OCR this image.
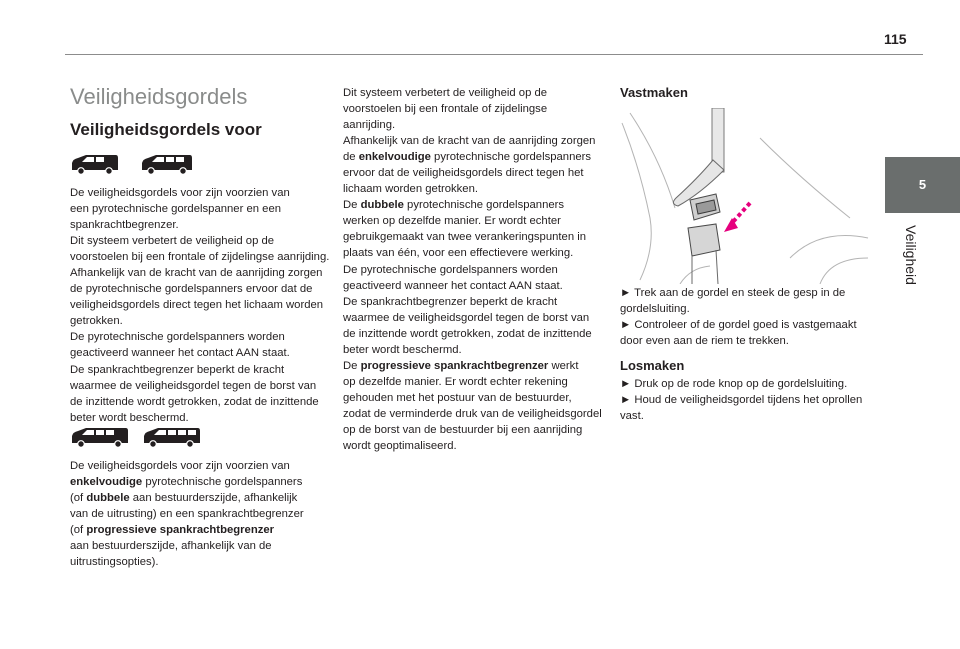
115
5
Veiligheid
Veiligheidsgordels
Veiligheidsgordels voor

De veiligheidsgordels voor zijn voorzien van

een pyrotechnische gordelspanner en een

spankrachtbegrenzer.

Dit systeem verbetert de veiligheid op de

voorstoelen bij een frontale of zijdelingse aanrijding.

Afhankelijk van de kracht van de aanrijding zorgen

de pyrotechnische gordelspanners ervoor dat de

veiligheidsgordels direct tegen het lichaam worden

getrokken.

De pyrotechnische gordelspanners worden

geactiveerd wanneer het contact AAN staat.

De spankrachtbegrenzer beperkt de kracht

waarmee de veiligheidsgordel tegen de borst van

de inzittende wordt getrokken, zodat de inzittende

beter wordt beschermd.

De veiligheidsgordels voor zijn voorzien van

enkelvoudige pyrotechnische gordelspanners

(of dubbele aan bestuurderszijde, afhankelijk

van de uitrusting) en een spankrachtbegrenzer

(of progressieve spankrachtbegrenzer

aan bestuurderszijde, afhankelijk van de

uitrustingsopties).

Dit systeem verbetert de veiligheid op de

voorstoelen bij een frontale of zijdelingse

aanrijding.

Afhankelijk van de kracht van de aanrijding zorgen

de enkelvoudige pyrotechnische gordelspanners

ervoor dat de veiligheidsgordels direct tegen het

lichaam worden getrokken.

De dubbele pyrotechnische gordelspanners

werken op dezelfde manier. Er wordt echter

gebruikgemaakt van twee verankeringspunten in

plaats van één, voor een effectievere werking.

De pyrotechnische gordelspanners worden

geactiveerd wanneer het contact AAN staat.

De spankrachtbegrenzer beperkt de kracht

waarmee de veiligheidsgordel tegen de borst van

de inzittende wordt getrokken, zodat de inzittende

beter wordt beschermd.

De progressieve spankrachtbegrenzer werkt

op dezelfde manier. Er wordt echter rekening

gehouden met het postuur van de bestuurder,

zodat de verminderde druk van de veiligheidsgordel

op de borst van de bestuurder bij een aanrijding

wordt geoptimaliseerd.

Vastmaken

► Trek aan de gordel en steek de gesp in de

gordelsluiting.

► Controleer of de gordel goed is vastgemaakt

door even aan de riem te trekken.

Losmaken

► Druk op de rode knop op de gordelsluiting.

► Houd de veiligheidsgordel tijdens het oprollen

vast.
